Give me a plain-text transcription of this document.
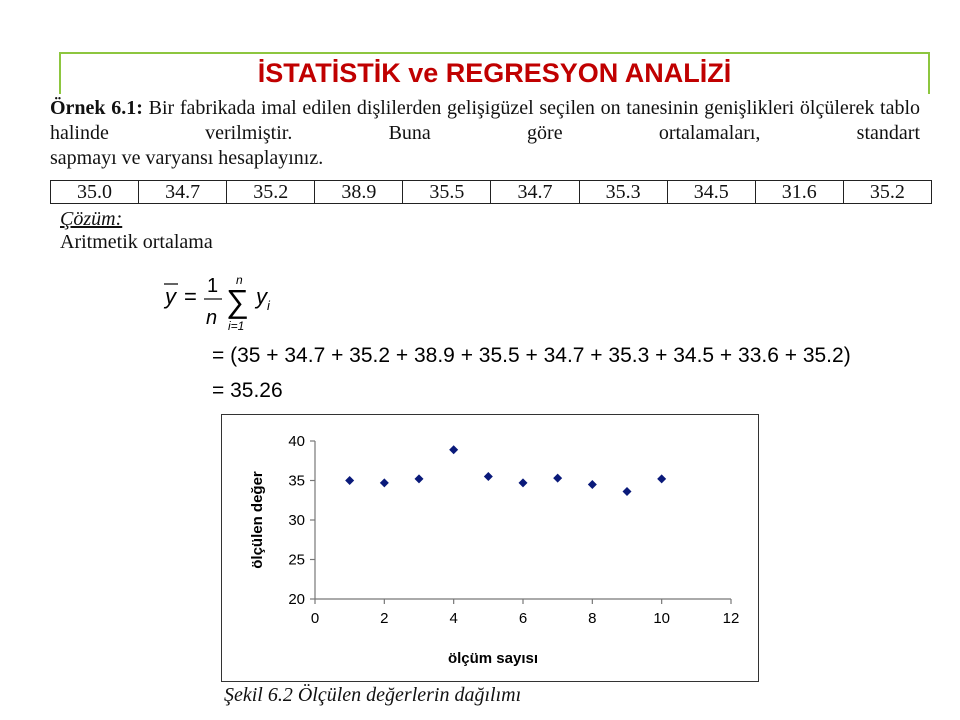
İSTATİSTİK ve REGRESYON ANALİZİ
Örnek 6.1: Bir fabrikada imal edilen dişlilerden gelişigüzel seçilen on tanesinin genişlikleri ölçülerek tablo halinde verilmiştir. Buna göre ortalamaları, standart
sapmayı ve varyansı hesaplayınız.
35.0	34.7	35.2	38.9	35.5	34.7	35.3	34.5	31.6	35.2
Çözüm:
Aritmetik ortalama
y = 1
n
n
∑
i=1
y i
= (35 + 34.7 + 35.2 + 38.9 + 35.5 + 34.7 + 35.3 + 34.5 + 33.6 + 35.2)
= 35.26
20
25
30
35
40
0	2	4	6	8	10	12
ölçüm sayısı
ölçülen değer
Şekil 6.2 Ölçülen değerlerin dağılımı
